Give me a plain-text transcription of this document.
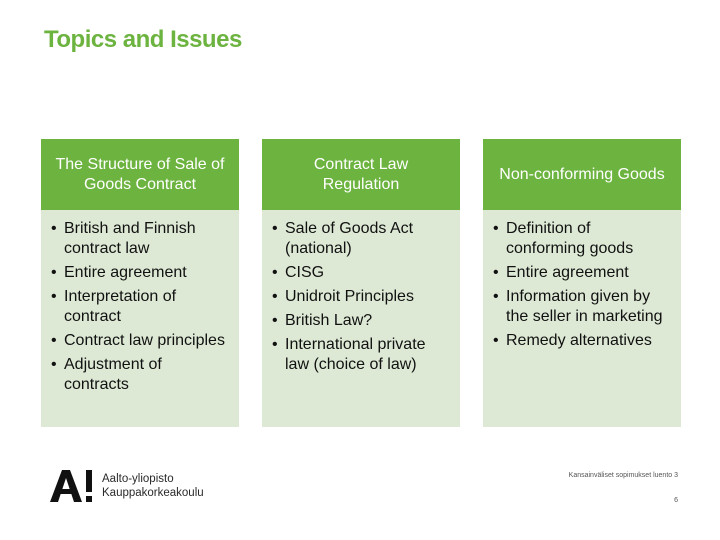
Topics and Issues
The Structure of Sale of Goods Contract
• British and Finnish contract law
• Entire agreement
• Interpretation of contract
• Contract law principles
• Adjustment of contracts
Contract Law Regulation
• Sale of Goods Act (national)
• CISG
• Unidroit Principles
• British Law?
• International private law (choice of law)
Non-conforming Goods
• Definition of conforming goods
• Entire agreement
• Information given by the seller in marketing
• Remedy alternatives
Aalto-yliopisto
Kauppakorkeakoulu
Kansainväliset sopimukset luento 3
6
